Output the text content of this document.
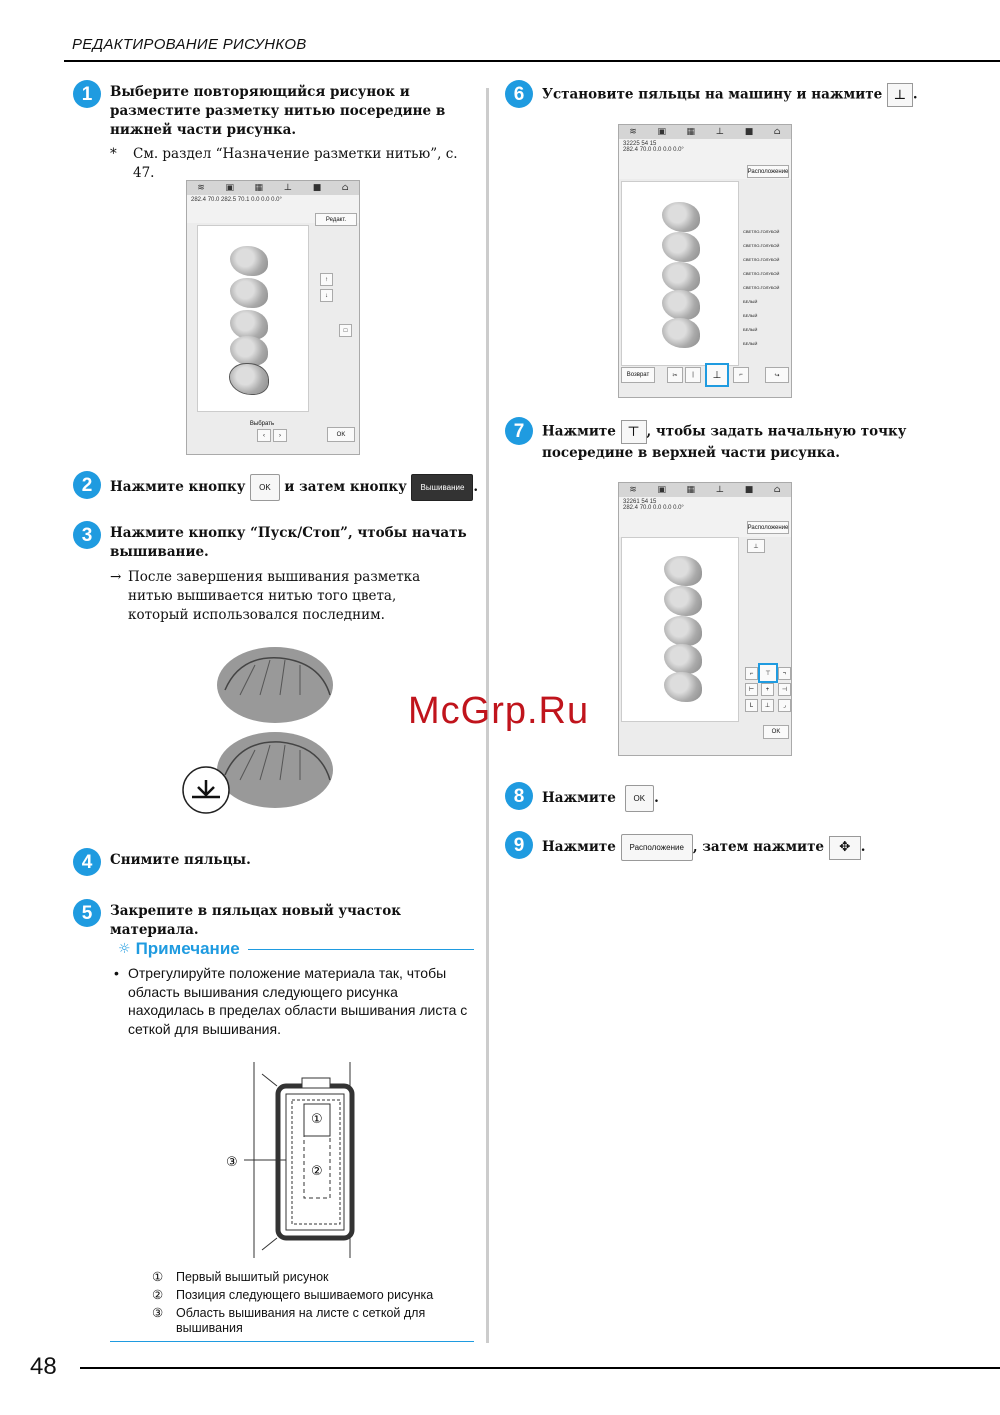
РЕДАКТИРОВАНИЕ РИСУНКОВ
1	Выберите повторяющийся рисунок и разместите разметку нитью посередине в нижней части рисунка.
* См. раздел “Назначение разметки нитью”, с. 47.
≋ ▣ ▦ ⊥ ■ ⌂
282.4 70.0 282.5 70.1 0.0 0.0 0.0°
Редакт.
↑
↓
□
Выбрать
‹	›	OK
2	Нажмите кнопку OK и затем кнопку Вышивание .
3	Нажмите кнопку “Пуск/Стоп”, чтобы начать вышивание.
→ После завершения вышивания разметка нитью вышивается нитью того цвета, который использовался последним.
4	Снимите пяльцы.
5	Закрепите в пяльцах новый участок материала.
☼ Примечание
• Отрегулируйте положение материала так, чтобы область вышивания следующего рисунка находилась в пределах области вышивания листа с сеткой для вышивания.
①
②
③
①	Первый вышитый рисунок
②	Позиция следующего вышиваемого рисунка
③	Область вышивания на листе с сеткой для вышивания
6	Установите пяльцы на машину и нажмите ⊥ .
≋ ▣ ▦ ⊥ ■ ⌂
32225 54 15
282.4 70.0 0.0 0.0 0.0°
Расположение
СВЕТЛО-ГОЛУБОЙ
СВЕТЛО-ГОЛУБОЙ
СВЕТЛО-ГОЛУБОЙ
СВЕТЛО-ГОЛУБОЙ
СВЕТЛО-ГОЛУБОЙ
БЕЛЫЙ
БЕЛЫЙ
БЕЛЫЙ
БЕЛЫЙ
Возврат	✂	|	⊥	⌐	↪
7	Нажмите ⊤ , чтобы задать начальную точку посередине в верхней части рисунка.
≋ ▣ ▦ ⊥ ■ ⌂
32261 54 15
282.4 70.0 0.0 0.0 0.0°
Расположение
⊥
⌐	⊤	¬
⊢	+	⊣
L	⊥	⌟
OK
8	Нажмите OK .
9	Нажмите Расположение , затем нажмите ✥ .
McGrp.Ru
48
